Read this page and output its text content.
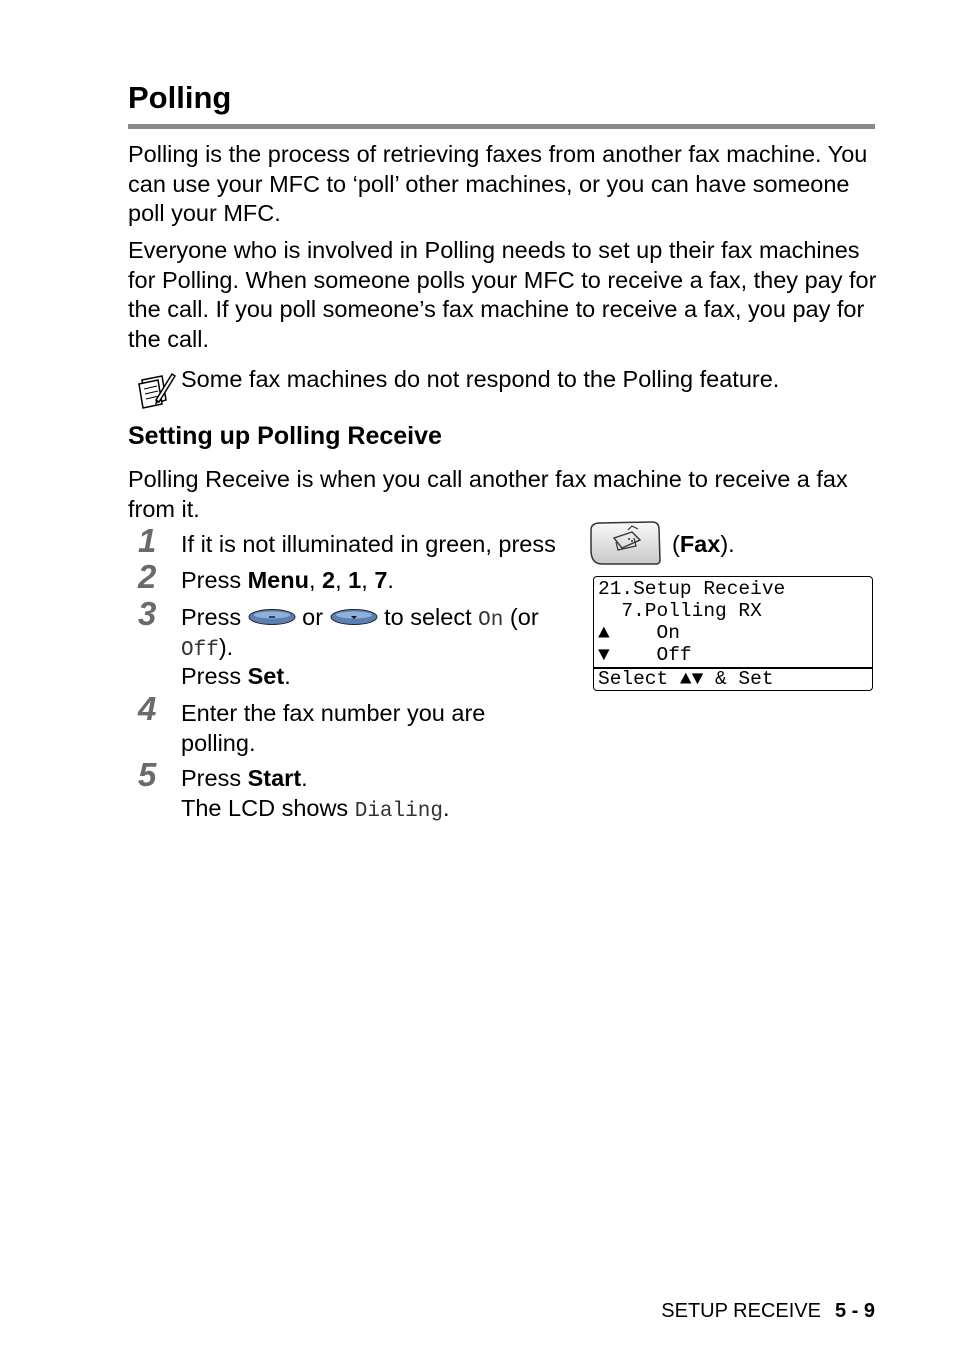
Polling

Polling is the process of retrieving faxes from another fax machine. You can use your MFC to ‘poll’ other machines, or you can have someone poll your MFC.

Everyone who is involved in Polling needs to set up their fax machines for Polling. When someone polls your MFC to receive a fax, they pay for the call. If you poll someone’s fax machine to receive a fax, you pay for the call.

Some fax machines do not respond to the Polling feature.
Setting up Polling Receive

Polling Receive is when you call another fax machine to receive a fax from it.

1 If it is not illuminated in green, press	(Fax).
2 Press Menu, 2, 1, 7.
3 Press	or	to select On (or
Off).
Press Set.
4 Enter the fax number you are
polling.
5 Press Start.
The LCD shows Dialing.
21.Setup Receive
7.Polling RX
▲ On
▼ Off
Select ▲▼ & Set
SETUP RECEIVE 5 - 9
